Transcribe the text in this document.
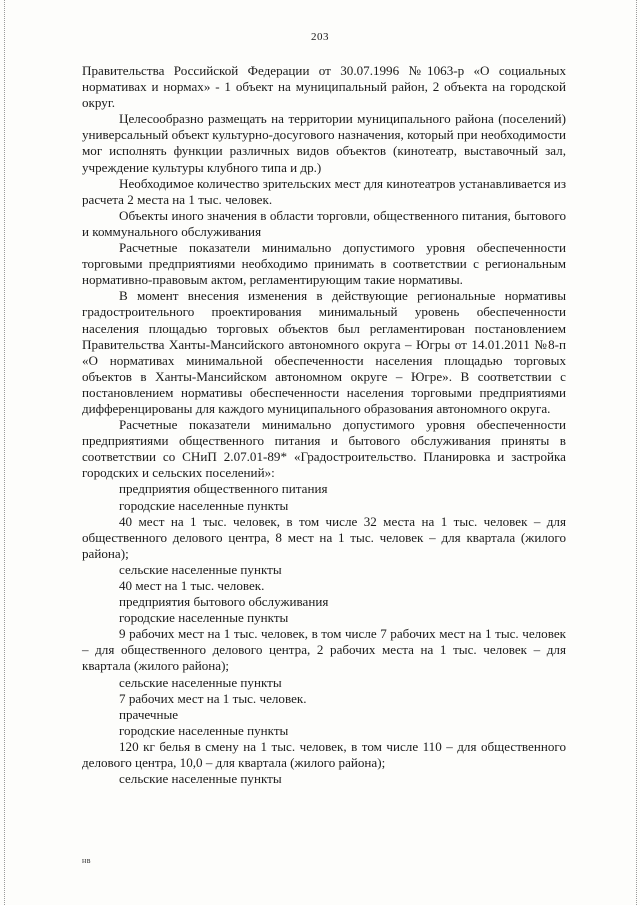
203

Правительства Российской Федерации от 30.07.1996 №1063-р «О социальных нормативах и нормах» - 1 объект на муниципальный район, 2 объекта на городской округ.

Целесообразно размещать на территории муниципального района (поселений) универсальный объект культурно-досугового назначения, который при необходимости мог исполнять функции различных видов объектов (кинотеатр, выставочный зал, учреждение культуры клубного типа и др.)

Необходимое количество зрительских мест для кинотеатров устанавливается из расчета 2 места на 1 тыс. человек.

Объекты иного значения в области торговли, общественного питания, бытового и коммунального обслуживания

Расчетные показатели минимально допустимого уровня обеспеченности торговыми предприятиями необходимо принимать в соответствии с региональным нормативно-правовым актом, регламентирующим такие нормативы.

В момент внесения изменения в действующие региональные нормативы градостроительного проектирования минимальный уровень обеспеченности населения площадью торговых объектов был регламентирован постановлением Правительства Ханты-Мансийского автономного округа – Югры от 14.01.2011 №8-п «О нормативах минимальной обеспеченности населения площадью торговых объектов в Ханты-Мансийском автономном округе – Югре». В соответствии с постановлением нормативы обеспеченности населения торговыми предприятиями дифференцированы для каждого муниципального образования автономного округа.

Расчетные показатели минимально допустимого уровня обеспеченности предприятиями общественного питания и бытового обслуживания приняты в соответствии со СНиП 2.07.01-89* «Градостроительство. Планировка и застройка городских и сельских поселений»:

предприятия общественного питания

городские населенные пункты

40 мест на 1 тыс. человек, в том числе 32 места на 1 тыс. человек – для общественного делового центра, 8 мест на 1 тыс. человек – для квартала (жилого района);

сельские населенные пункты

40 мест на 1 тыс. человек.

предприятия бытового обслуживания

городские населенные пункты

9 рабочих мест на 1 тыс. человек, в том числе 7 рабочих мест на 1 тыс. человек – для общественного делового центра, 2 рабочих места на 1 тыс. человек – для квартала (жилого района);

сельские населенные пункты

7 рабочих мест на 1 тыс. человек.

прачечные

городские населенные пункты

120 кг белья в смену на 1 тыс. человек, в том числе 110 – для общественного делового центра, 10,0 – для квартала (жилого района);

сельские населенные пункты

нв
